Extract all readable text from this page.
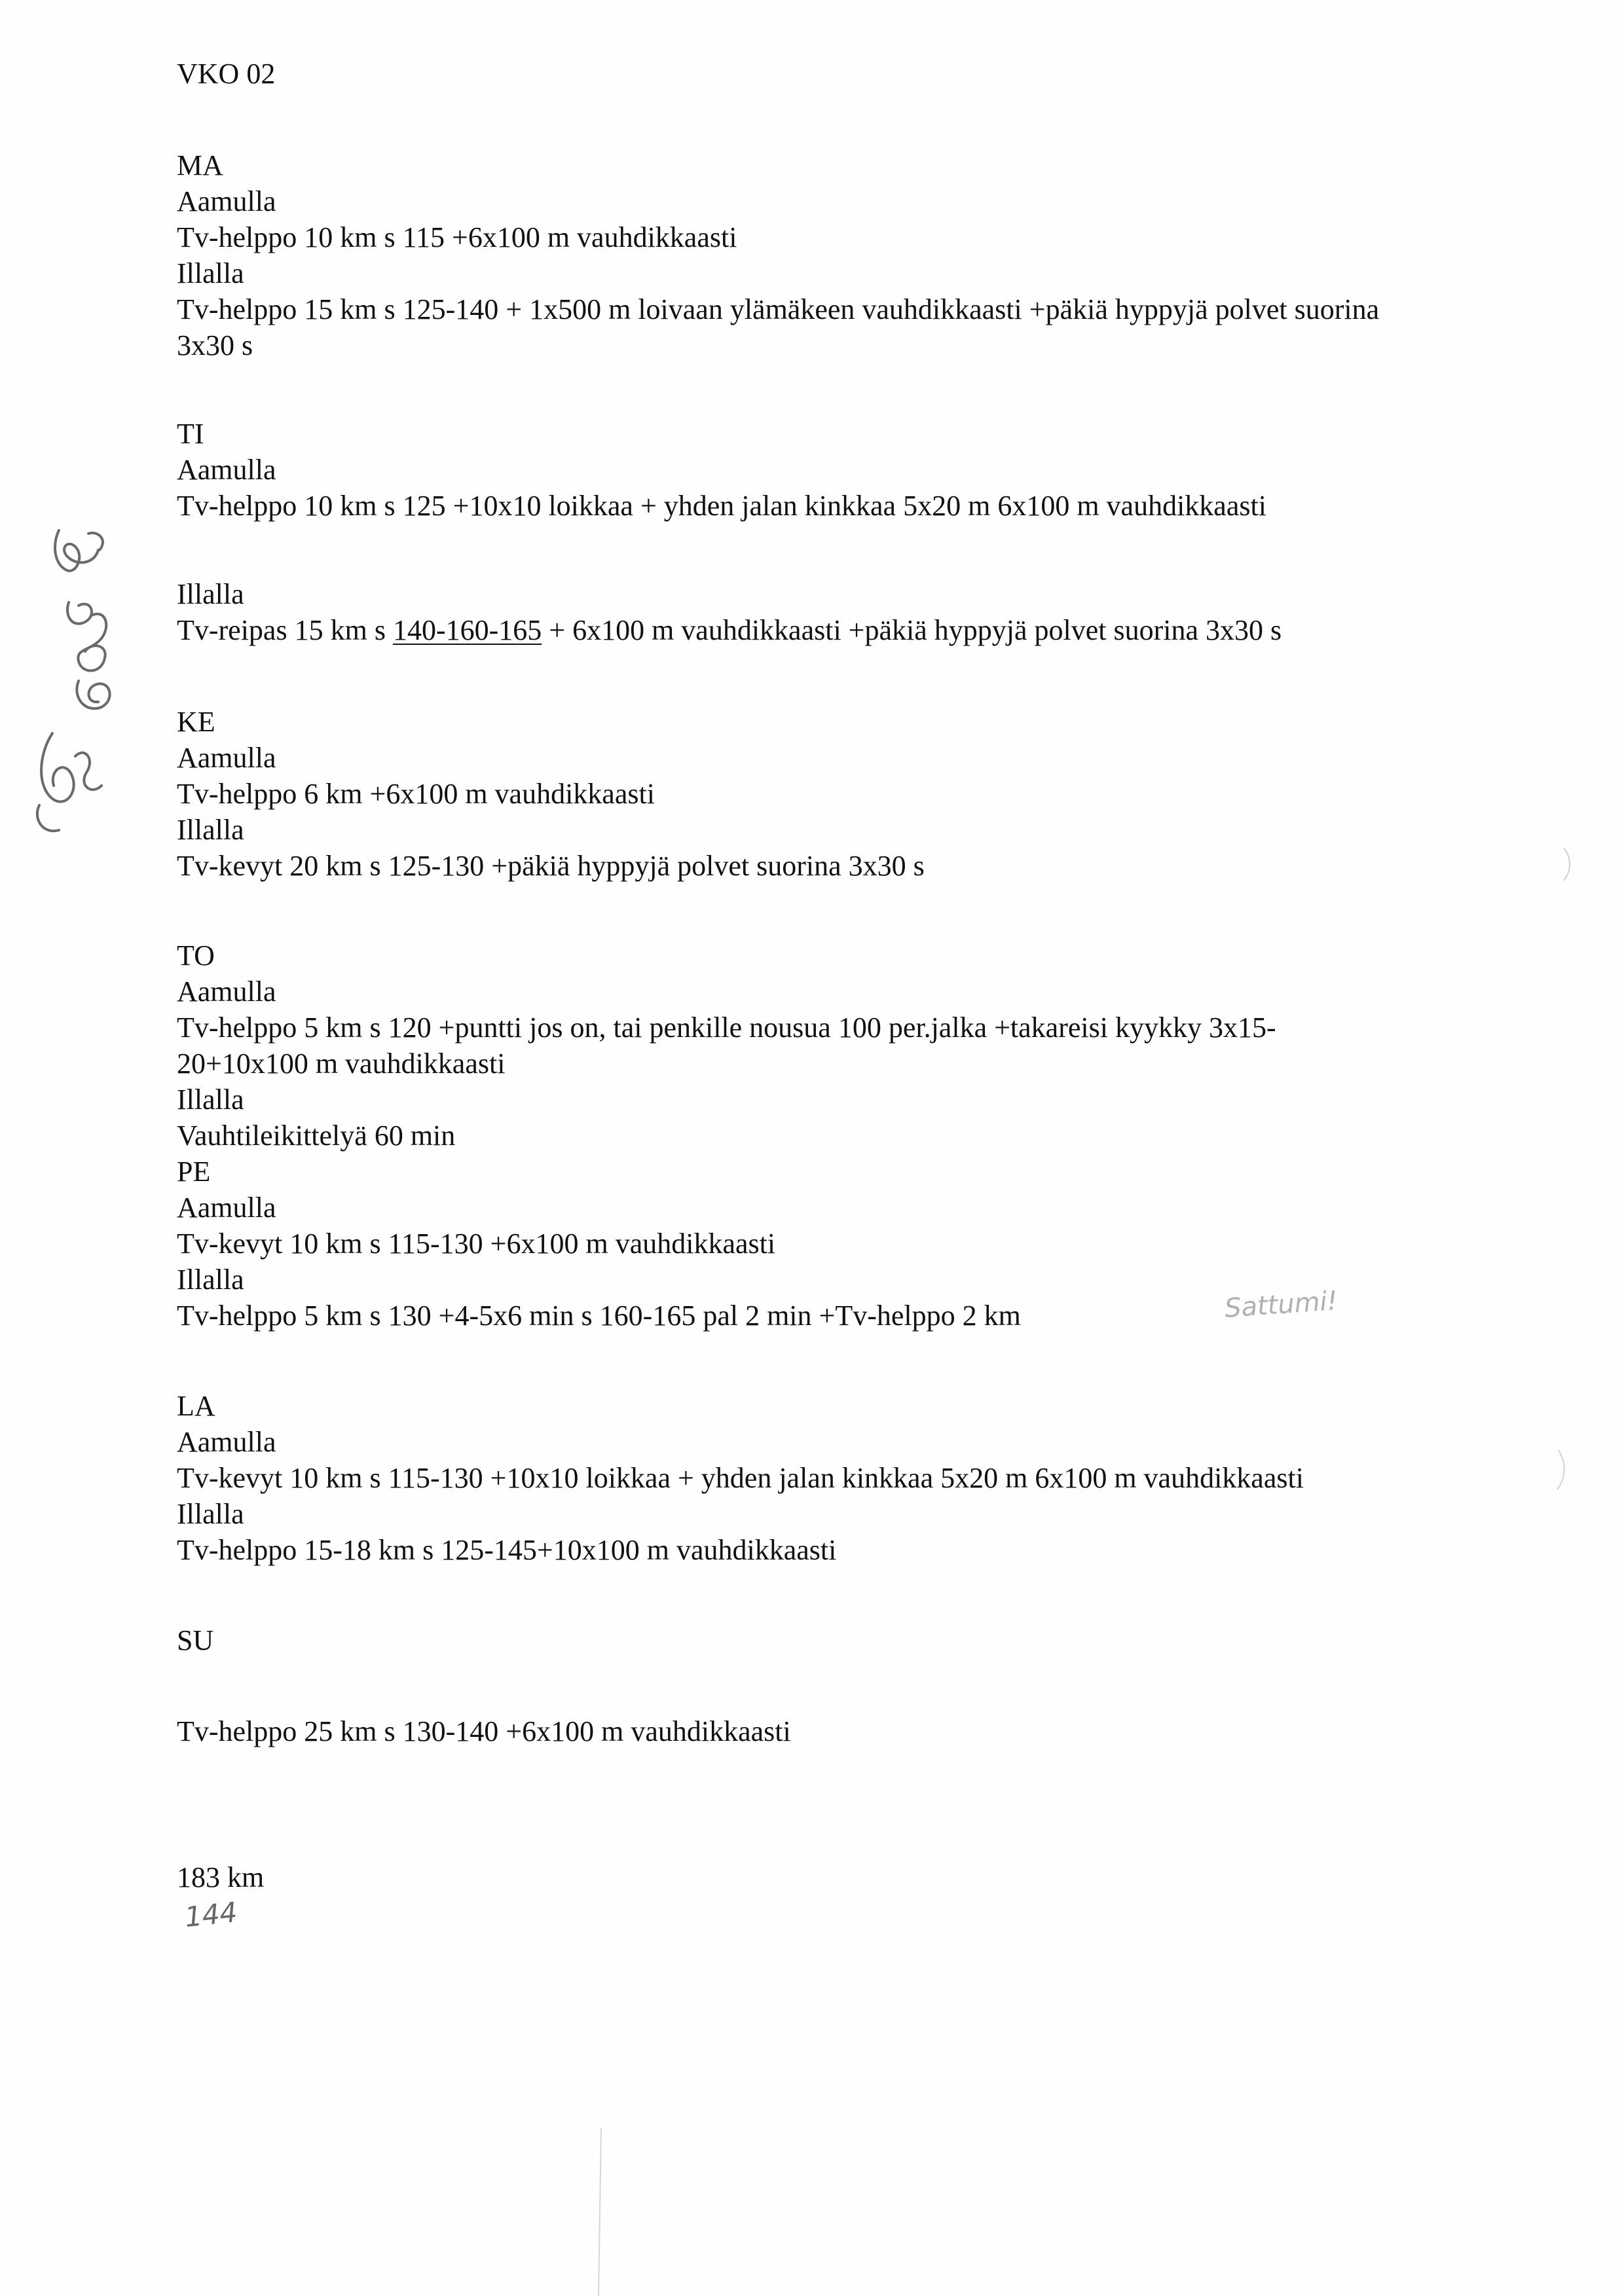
VKO 02

MA

Aamulla

Tv-helppo 10 km s 115 +6x100 m vauhdikkaasti

Illalla

Tv-helppo 15 km s 125-140 + 1x500 m loivaan ylämäkeen vauhdikkaasti +päkiä hyppyjä polvet suorina 3x30 s

TI

Aamulla

Tv-helppo 10 km s 125 +10x10 loikkaa + yhden jalan kinkkaa 5x20 m 6x100 m vauhdikkaasti

Illalla

Tv-reipas 15 km s 140-160-165 + 6x100 m vauhdikkaasti +päkiä hyppyjä polvet suorina 3x30 s

KE

Aamulla

Tv-helppo 6 km +6x100 m vauhdikkaasti

Illalla

Tv-kevyt 20 km s 125-130 +päkiä hyppyjä polvet suorina 3x30 s

TO

Aamulla

Tv-helppo 5 km s 120 +puntti jos on, tai penkille nousua 100 per.jalka +takareisi kyykky 3x15-20+10x100 m vauhdikkaasti

Illalla

Vauhtileikittelyä 60 min

PE

Aamulla

Tv-kevyt 10 km s 115-130 +6x100 m vauhdikkaasti

Illalla

Tv-helppo 5 km s 130 +4-5x6 min s 160-165 pal 2 min +Tv-helppo 2 km

LA

Aamulla

Tv-kevyt 10 km s 115-130 +10x10 loikkaa + yhden jalan kinkkaa 5x20 m 6x100 m vauhdikkaasti

Illalla

Tv-helppo 15-18 km s 125-145+10x100 m vauhdikkaasti

SU

Tv-helppo 25 km s 130-140 +6x100 m vauhdikkaasti

183 km

144
Sattumi!
